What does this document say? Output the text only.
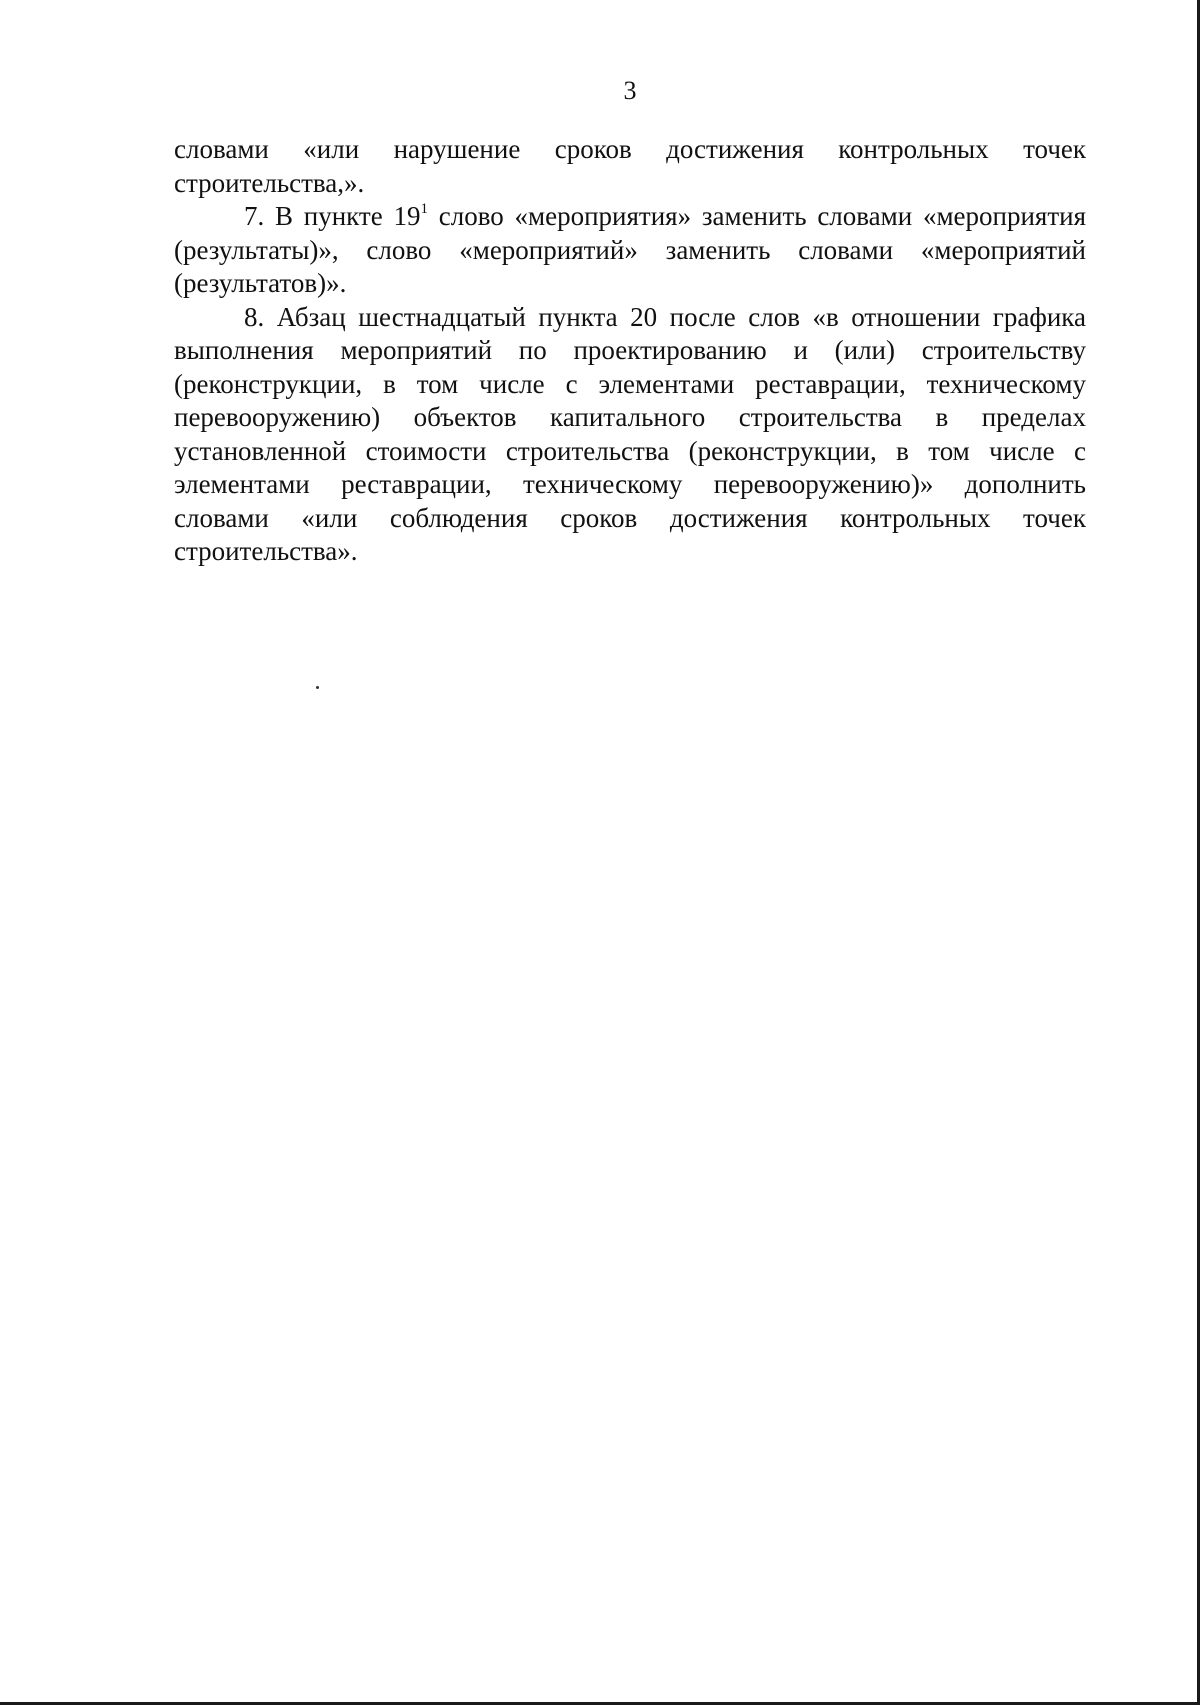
3

словами «или нарушение сроков достижения контрольных точек строительства,».

7. В пункте $19^1$ слово «мероприятия» заменить словами «мероприятия (результаты)», слово «мероприятий» заменить словами «мероприятий (результатов)».

8. Абзац шестнадцатый пункта 20 после слов «в отношении графика выполнения мероприятий по проектированию и (или) строительству (реконструкции, в том числе с элементами реставрации, техническому перевооружению) объектов капитального строительства в пределах установленной стоимости строительства (реконструкции, в том числе с элементами реставрации, техническому перевооружению)» дополнить словами «или соблюдения сроков достижения контрольных точек строительства».
